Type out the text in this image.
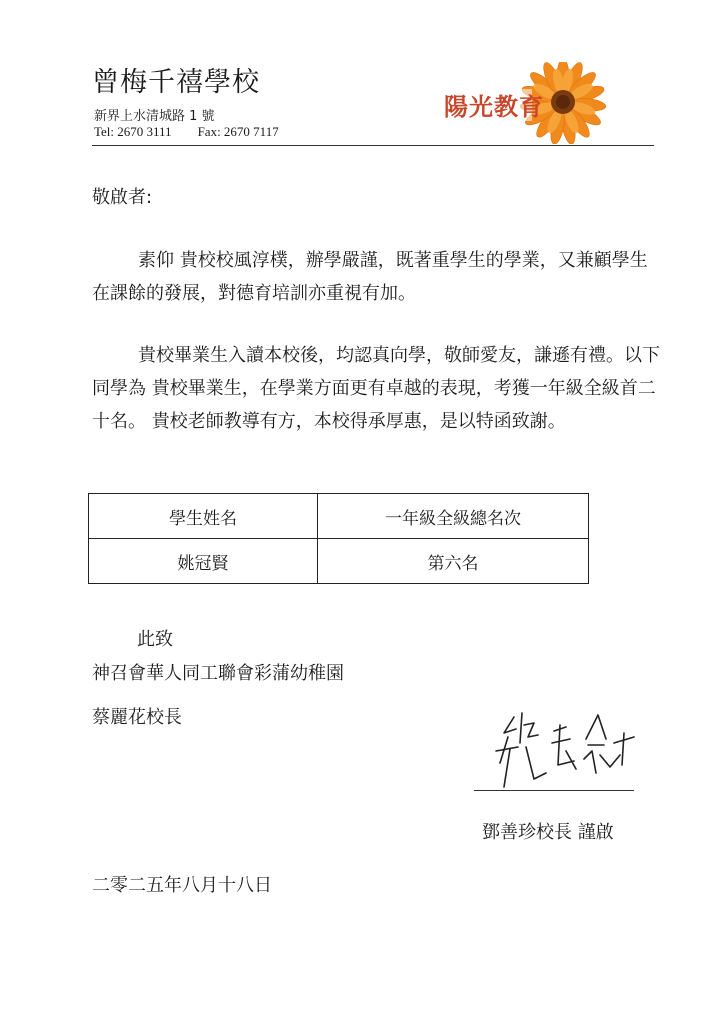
曾梅千禧學校
新界上水清城路 1 號
Tel: 2670 3111 Fax: 2670 7117
陽光教育
敬啟者:
素仰 貴校校風淳樸，辦學嚴謹，既著重學生的學業，又兼顧學生在課餘的發展，對德育培訓亦重視有加。
貴校畢業生入讀本校後，均認真向學，敬師愛友，謙遜有禮。以下同學為 貴校畢業生，在學業方面更有卓越的表現，考獲一年級全級首二十名。 貴校老師教導有方，本校得承厚惠，是以特函致謝。
學生姓名	一年級全級總名次
姚冠賢	第六名
此致
神召會華人同工聯會彩蒲幼稚園
蔡麗花校長
鄧善珍校長 謹啟
二零二五年八月十八日
